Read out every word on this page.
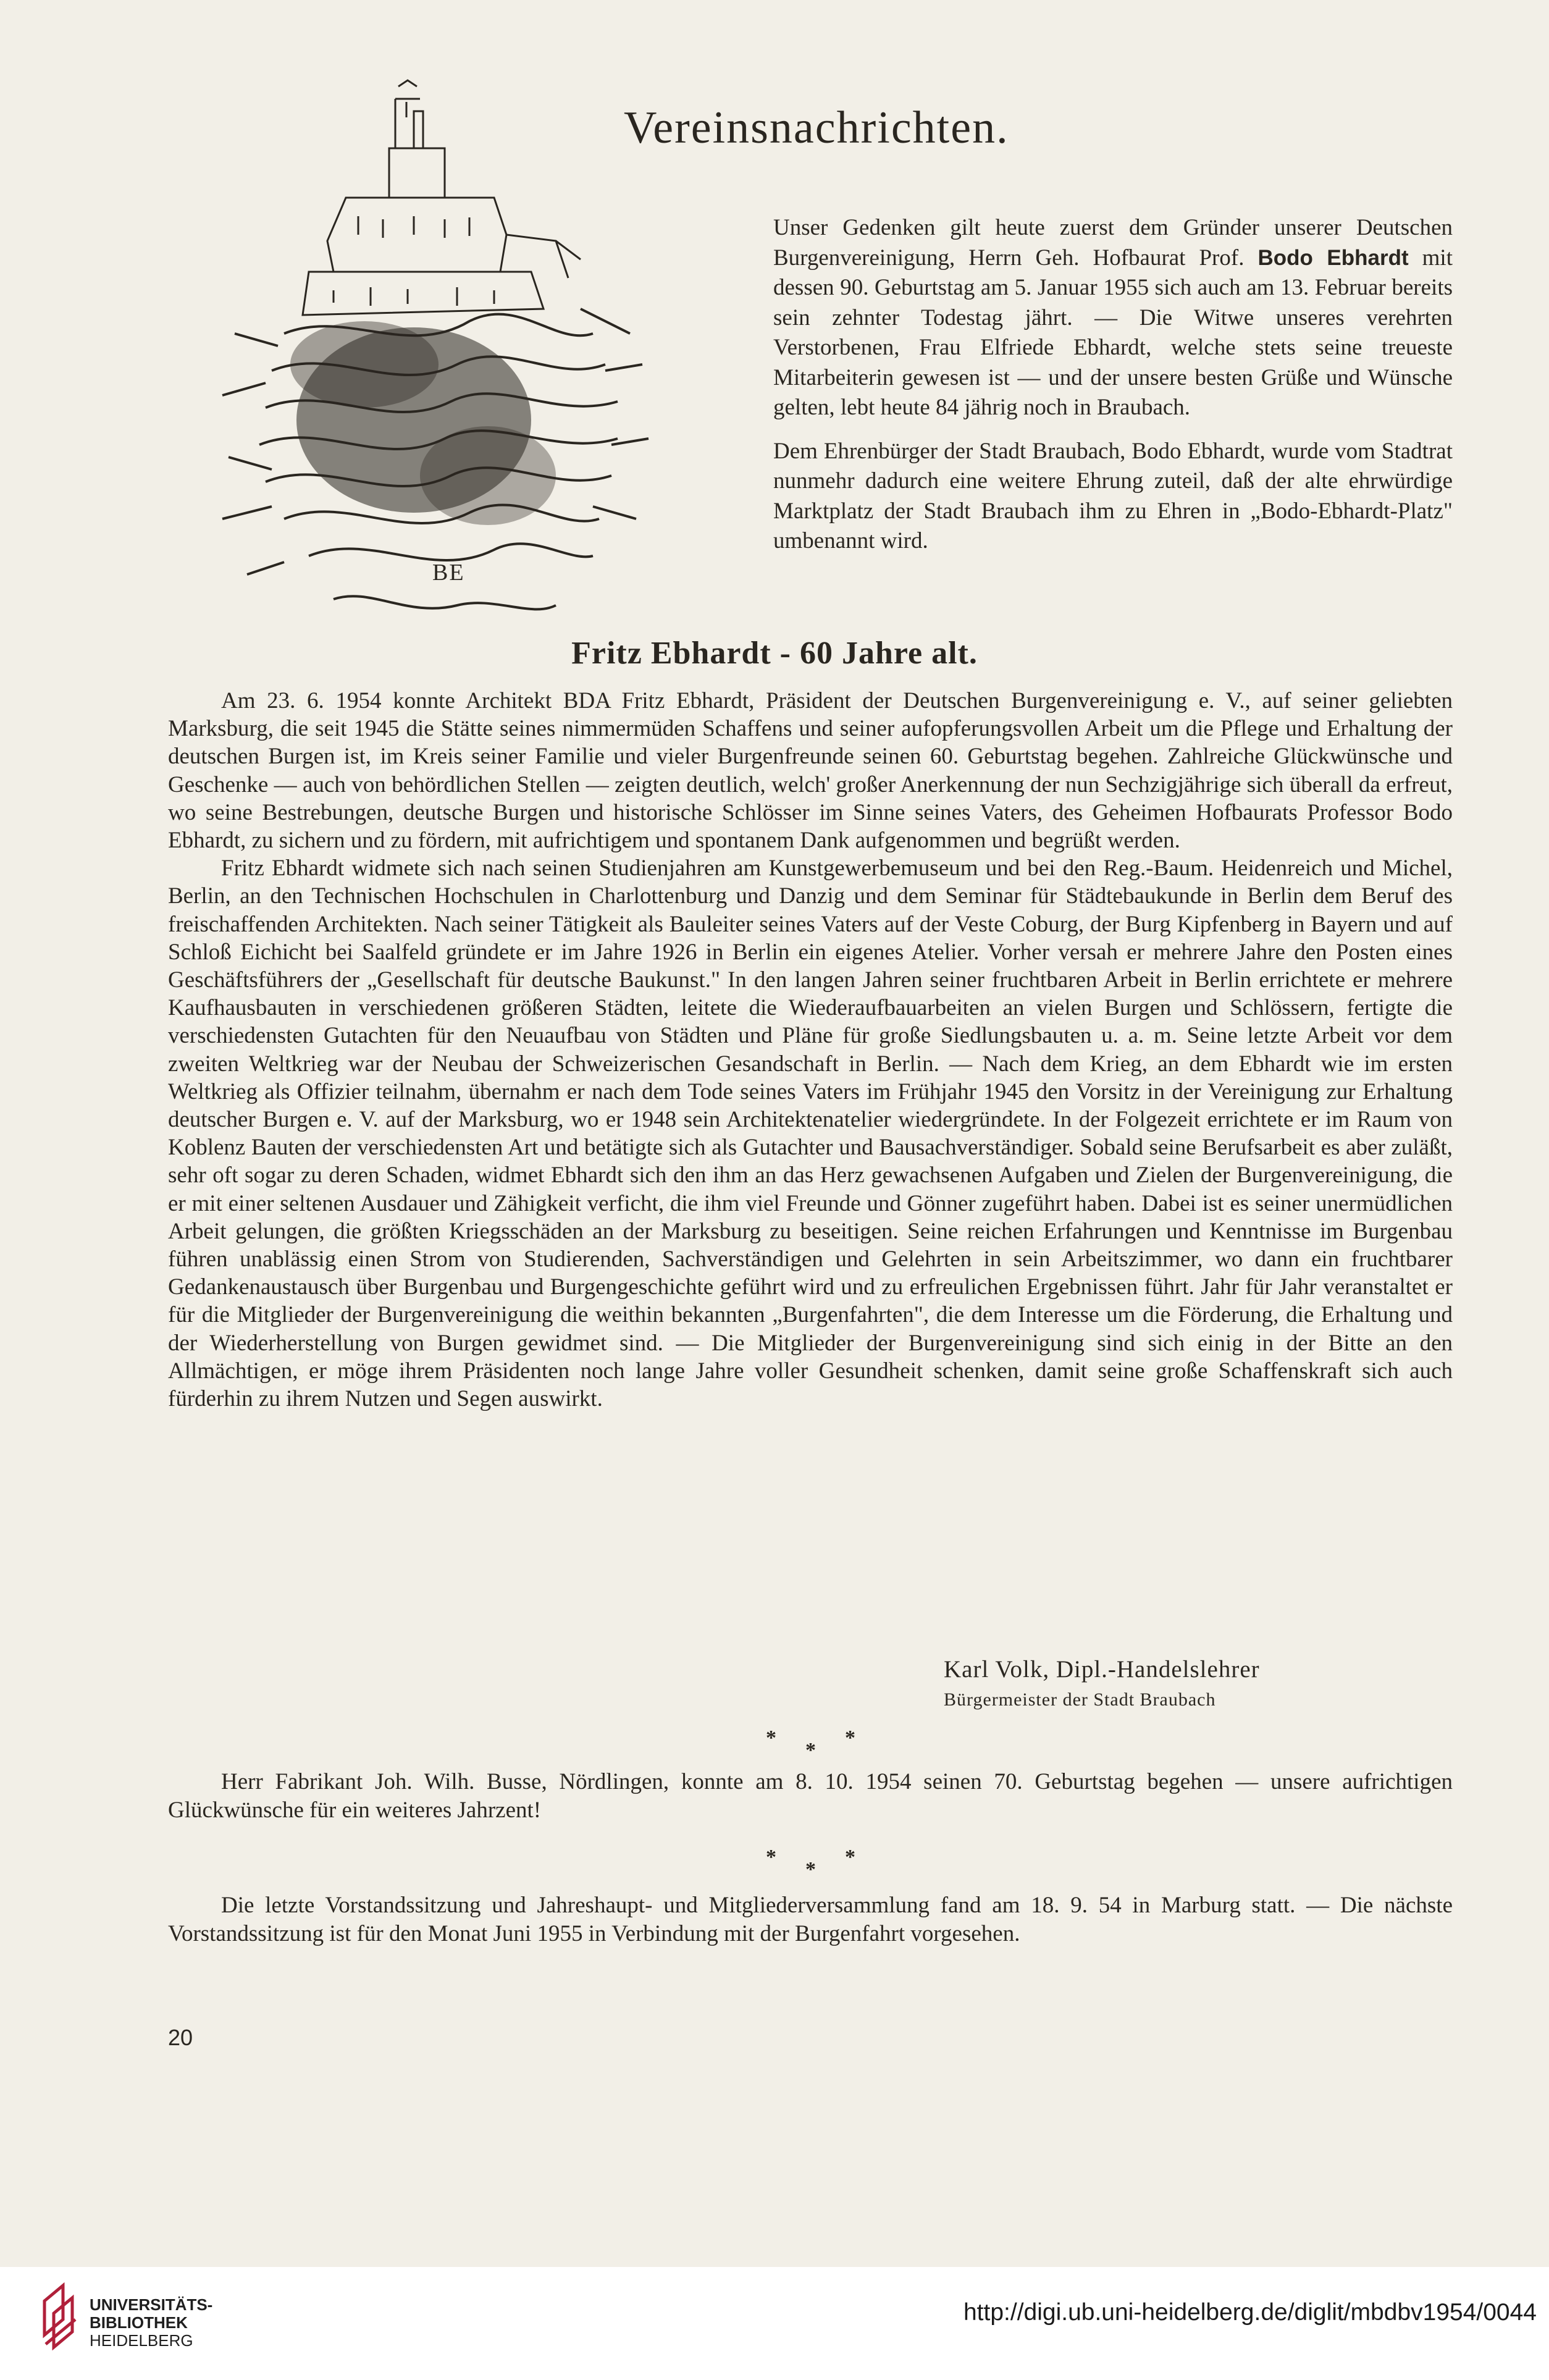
BE
Vereinsnachrichten.

Unser Gedenken gilt heute zuerst dem Gründer unserer Deutschen Burgenvereinigung, Herrn Geh. Hofbaurat Prof. Bodo Ebhardt mit dessen 90. Geburtstag am 5. Januar 1955 sich auch am 13. Februar bereits sein zehnter Todestag jährt. — Die Witwe unseres verehrten Verstorbenen, Frau Elfriede Ebhardt, welche stets seine treueste Mitarbeiterin gewesen ist — und der unsere besten Grüße und Wünsche gelten, lebt heute 84 jährig noch in Braubach.

Dem Ehrenbürger der Stadt Braubach, Bodo Ebhardt, wurde vom Stadtrat nunmehr dadurch eine weitere Ehrung zuteil, daß der alte ehrwürdige Marktplatz der Stadt Braubach ihm zu Ehren in „Bodo-Ebhardt-Platz" umbenannt wird.

Fritz Ebhardt - 60 Jahre alt.

Am 23. 6. 1954 konnte Architekt BDA Fritz Ebhardt, Präsident der Deutschen Burgenvereinigung e. V., auf seiner geliebten Marksburg, die seit 1945 die Stätte seines nimmermüden Schaffens und seiner aufopferungsvollen Arbeit um die Pflege und Erhaltung der deutschen Burgen ist, im Kreis seiner Familie und vieler Burgenfreunde seinen 60. Geburtstag begehen. Zahlreiche Glückwünsche und Geschenke — auch von behördlichen Stellen — zeigten deutlich, welch' großer Anerkennung der nun Sechzigjährige sich überall da erfreut, wo seine Bestrebungen, deutsche Burgen und historische Schlösser im Sinne seines Vaters, des Geheimen Hofbaurats Professor Bodo Ebhardt, zu sichern und zu fördern, mit aufrichtigem und spontanem Dank aufgenommen und begrüßt werden.

Fritz Ebhardt widmete sich nach seinen Studienjahren am Kunstgewerbemuseum und bei den Reg.-Baum. Heidenreich und Michel, Berlin, an den Technischen Hochschulen in Charlottenburg und Danzig und dem Seminar für Städtebaukunde in Berlin dem Beruf des freischaffenden Architekten. Nach seiner Tätigkeit als Bauleiter seines Vaters auf der Veste Coburg, der Burg Kipfenberg in Bayern und auf Schloß Eichicht bei Saalfeld gründete er im Jahre 1926 in Berlin ein eigenes Atelier. Vorher versah er mehrere Jahre den Posten eines Geschäftsführers der „Gesellschaft für deutsche Baukunst." In den langen Jahren seiner fruchtbaren Arbeit in Berlin errichtete er mehrere Kaufhausbauten in verschiedenen größeren Städten, leitete die Wiederaufbauarbeiten an vielen Burgen und Schlössern, fertigte die verschiedensten Gutachten für den Neuaufbau von Städten und Pläne für große Siedlungsbauten u. a. m. Seine letzte Arbeit vor dem zweiten Weltkrieg war der Neubau der Schweizerischen Gesandschaft in Berlin. — Nach dem Krieg, an dem Ebhardt wie im ersten Weltkrieg als Offizier teilnahm, übernahm er nach dem Tode seines Vaters im Frühjahr 1945 den Vorsitz in der Vereinigung zur Erhaltung deutscher Burgen e. V. auf der Marksburg, wo er 1948 sein Architektenatelier wiedergründete. In der Folgezeit errichtete er im Raum von Koblenz Bauten der verschiedensten Art und betätigte sich als Gutachter und Bausachverständiger. Sobald seine Berufsarbeit es aber zuläßt, sehr oft sogar zu deren Schaden, widmet Ebhardt sich den ihm an das Herz gewachsenen Aufgaben und Zielen der Burgenvereinigung, die er mit einer seltenen Ausdauer und Zähigkeit verficht, die ihm viel Freunde und Gönner zugeführt haben. Dabei ist es seiner unermüdlichen Arbeit gelungen, die größten Kriegsschäden an der Marksburg zu beseitigen. Seine reichen Erfahrungen und Kenntnisse im Burgenbau führen unablässig einen Strom von Studierenden, Sachverständigen und Gelehrten in sein Arbeitszimmer, wo dann ein fruchtbarer Gedankenaustausch über Burgenbau und Burgengeschichte geführt wird und zu erfreulichen Ergebnissen führt. Jahr für Jahr veranstaltet er für die Mitglieder der Burgenvereinigung die weithin bekannten „Burgenfahrten", die dem Interesse um die Förderung, die Erhaltung und der Wiederherstellung von Burgen gewidmet sind. — Die Mitglieder der Burgenvereinigung sind sich einig in der Bitte an den Allmächtigen, er möge ihrem Präsidenten noch lange Jahre voller Gesundheit schenken, damit seine große Schaffenskraft sich auch fürderhin zu ihrem Nutzen und Segen auswirkt.

Karl Volk, Dipl.-Handelslehrer
Bürgermeister der Stadt Braubach
*	*
*

Herr Fabrikant Joh. Wilh. Busse, Nördlingen, konnte am 8. 10. 1954 seinen 70. Geburtstag begehen — unsere aufrichtigen Glückwünsche für ein weiteres Jahrzent!

*	*
*

Die letzte Vorstandssitzung und Jahreshaupt- und Mitgliederversammlung fand am 18. 9. 54 in Marburg statt. — Die nächste Vorstandssitzung ist für den Monat Juni 1955 in Verbindung mit der Burgenfahrt vorgesehen.

20
UNIVERSITÄTS-
BIBLIOTHEK
HEIDELBERG
http://digi.ub.uni-heidelberg.de/diglit/mbdbv1954/0044
